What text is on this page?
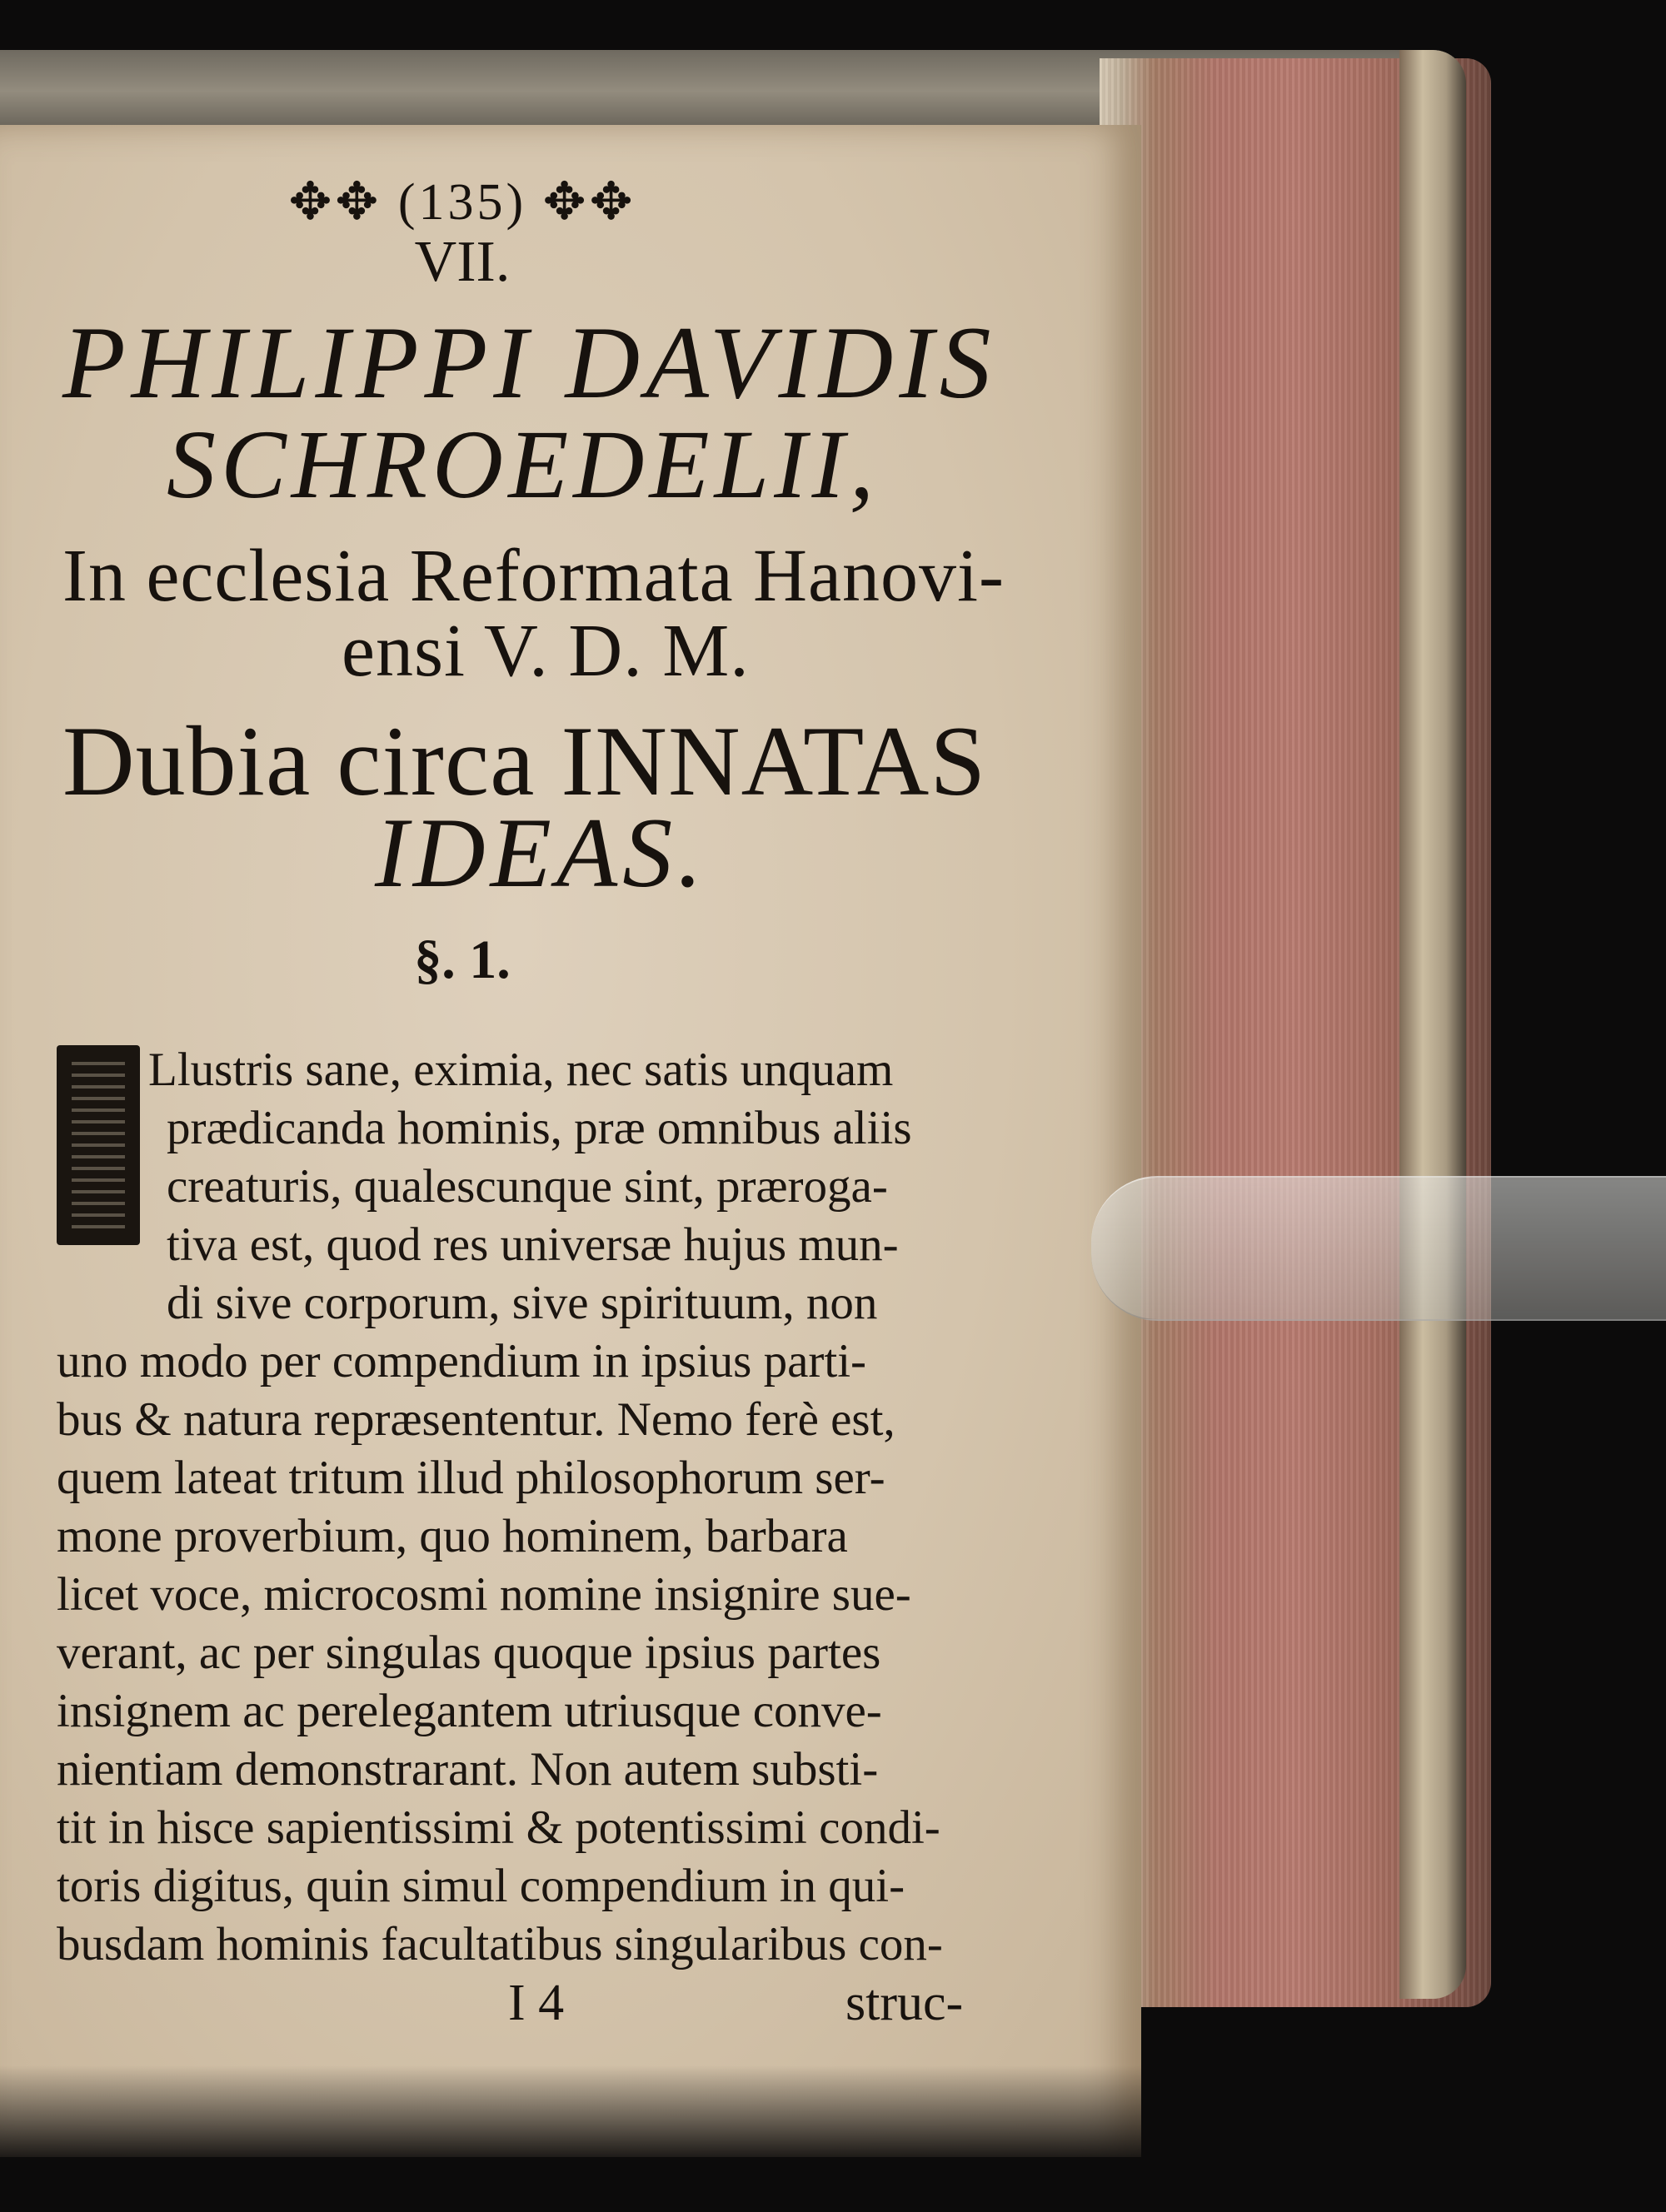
✥✥ (135) ✥✥
VII.
PHILIPPI DAVIDIS
SCHROEDELII,
In ecclesia Reformata Hanovi-
ensi V. D. M.
Dubia circa INNATAS
IDEAS.
§. 1.
Llustris sane, eximia, nec satis unquam
prædicanda hominis, præ omnibus aliis
creaturis, qualescunque sint, prærogа-
tiva est, quod res universæ hujus mun-
di sive corporum, sive spirituum, non
uno modo per compendium in ipsius parti-
bus & natura repræsententur. Nemo ferè est,
quem lateat tritum illud philosophorum ser-
mone proverbium, quo hominem, barbara
licet voce, microcosmi nomine insignire sue-
verant, ac per singulas quoque ipsius partes
insignem ac perelegantem utriusque conve-
nientiam demonstrarant. Non autem substi-
tit in hisce sapientissimi & potentissimi condi-
toris digitus, quin simul compendium in qui-
busdam hominis facultatibus singularibus con-
I 4	struc-
